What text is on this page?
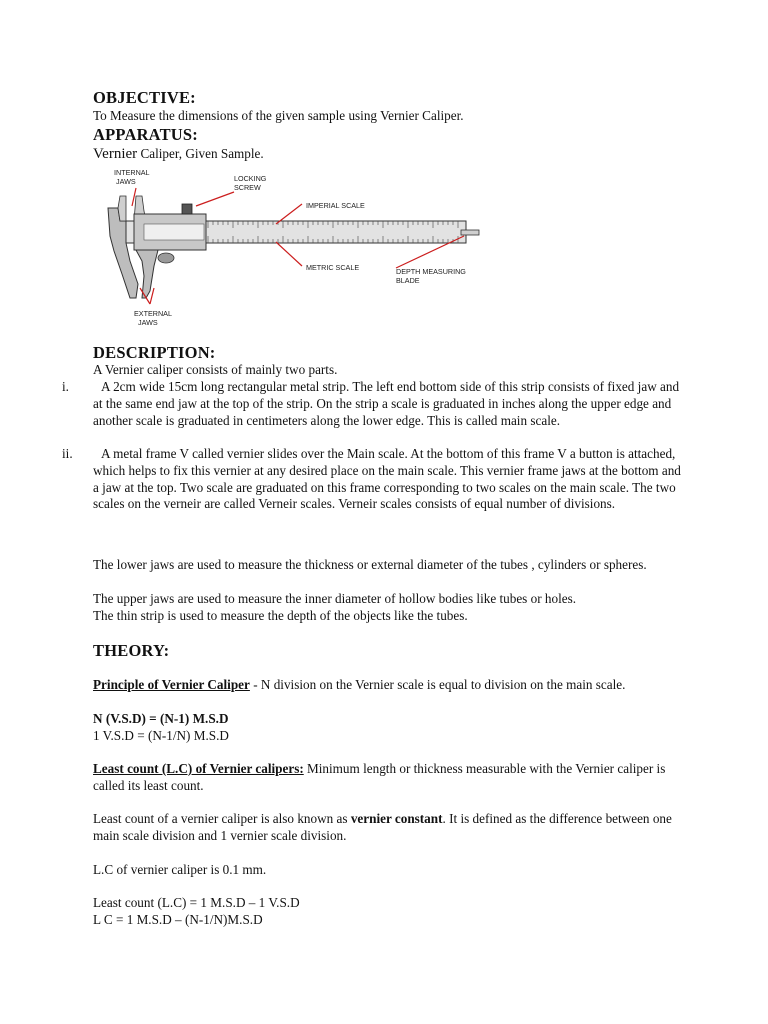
OBJECTIVE:
To Measure the dimensions of the given sample using Vernier Caliper.
APPARATUS:
Vernier Caliper, Given Sample.
INTERNAL
JAWS	LOCKING
SCREW
IMPERIAL SCALE
METRIC SCALE	DEPTH MEASURING
BLADE
EXTERNAL
JAWS
DESCRIPTION:
A Vernier caliper consists of mainly two parts.
i.	A 2cm wide 15cm long rectangular metal strip. The left end bottom side of this strip consists of fixed jaw and at the same end jaw at the top of the strip. On the strip a scale is graduated in inches along the upper edge and another scale is graduated in centimeters along the lower edge. This is called main scale.
ii.	A metal frame V called vernier slides over the Main scale. At the bottom of this frame V a button is attached, which helps to fix this vernier at any desired place on the main scale. This vernier frame jaws at the bottom and a jaw at the top. Two scale are graduated on this frame corresponding to two scales on the main scale. The two scales on the verneir are called Verneir scales. Verneir scales consists of equal number of divisions.
The lower jaws are used to measure the thickness or external diameter of the tubes , cylinders or spheres.
The upper jaws are used to measure the inner diameter of hollow bodies like tubes or holes.
The thin strip is used to measure the depth of the objects like the tubes.
THEORY:
Principle of Vernier Caliper - N division on the Vernier scale is equal to division on the main scale.
N (V.S.D) = (N-1) M.S.D
1 V.S.D = (N-1/N) M.S.D
Least count (L.C) of Vernier calipers: Minimum length or thickness measurable with the Vernier caliper is called its least count.
Least count of a vernier caliper is also known as vernier constant. It is defined as the difference between one main scale division and 1 vernier scale division.
L.C of vernier caliper is 0.1 mm.
Least count (L.C) = 1 M.S.D – 1 V.S.D
L C = 1 M.S.D – (N-1/N)M.S.D
